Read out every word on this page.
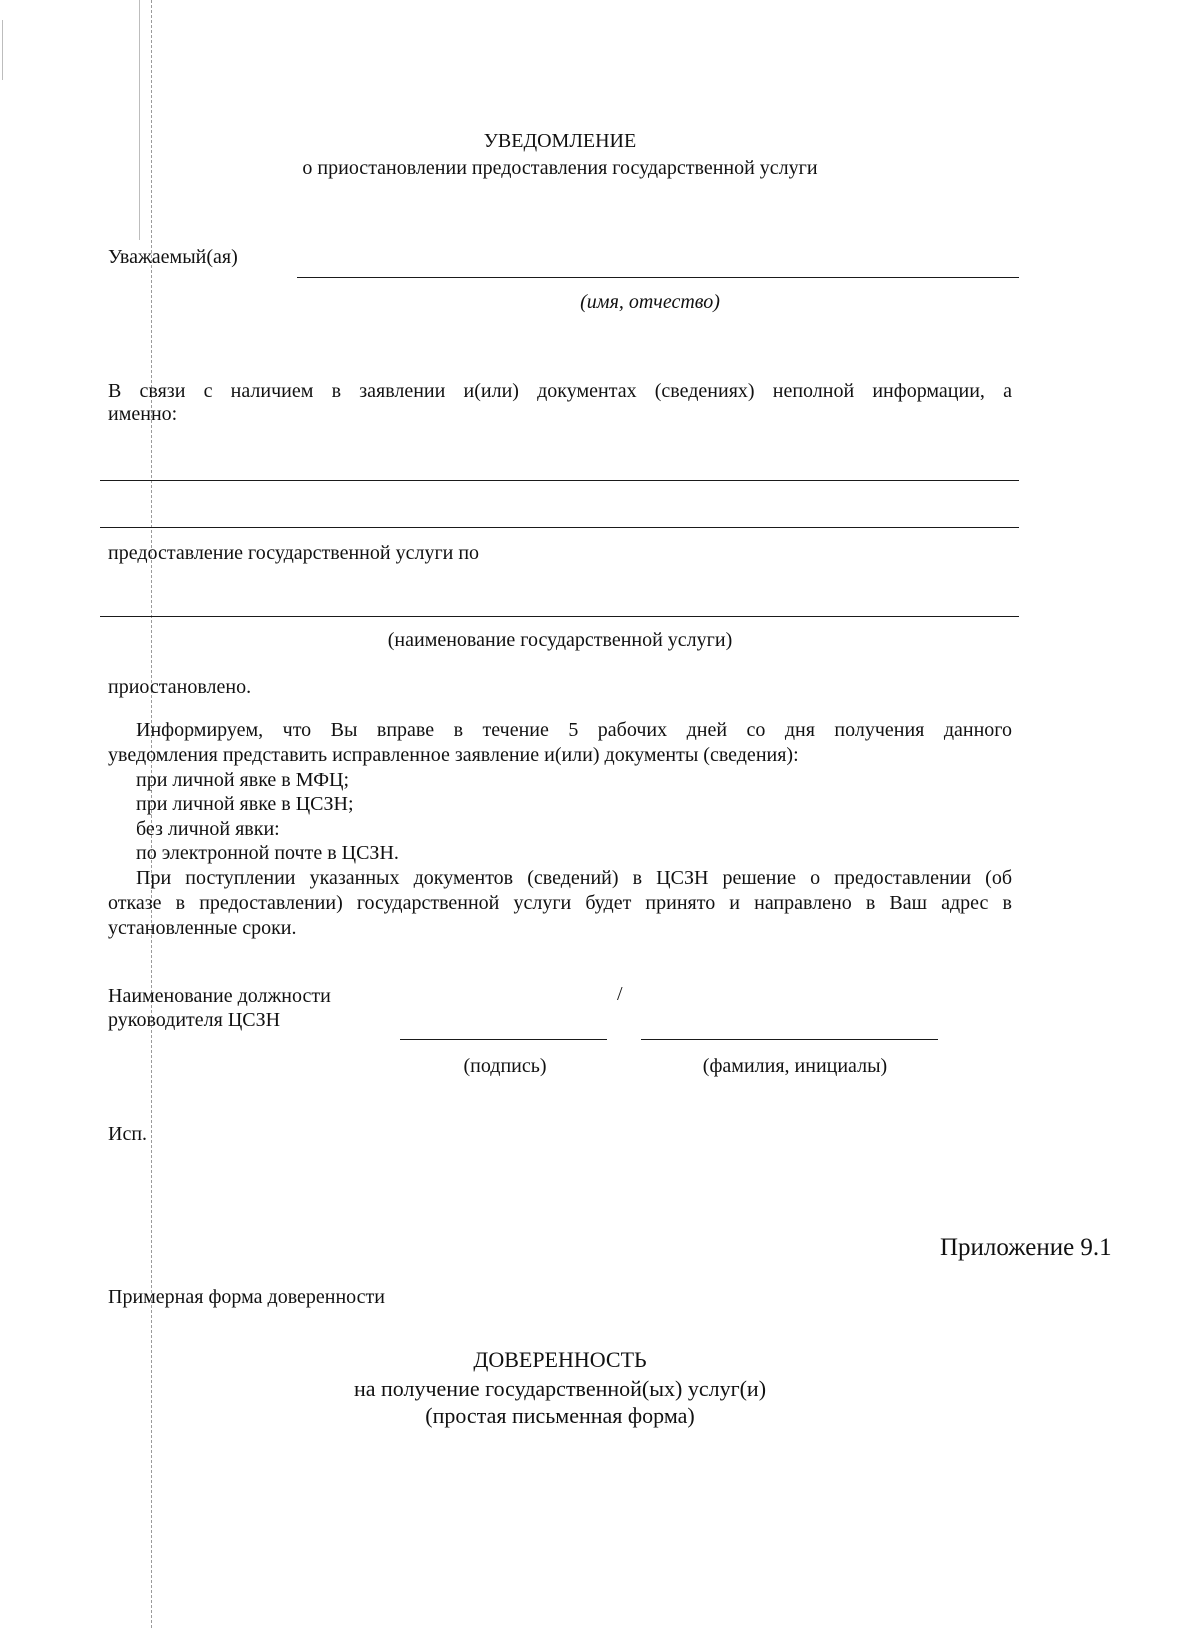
УВЕДОМЛЕНИЕ
о приостановлении предоставления государственной услуги
Уважаемый(ая)
(имя, отчество)
В связи с наличием в заявлении и(или) документах (сведениях) неполной информации, а
именно:
предоставление государственной услуги по
(наименование государственной услуги)
приостановлено.
Информируем, что Вы вправе в течение 5 рабочих дней со дня получения данного
уведомления представить исправленное заявление и(или) документы (сведения):
при личной явке в МФЦ;
при личной явке в ЦСЗН;
без личной явки:
по электронной почте в ЦСЗН.
При поступлении указанных документов (сведений) в ЦСЗН решение о предоставлении (об
отказе в предоставлении) государственной услуги будет принято и направлено в Ваш адрес в
установленные сроки.
Наименование должности
руководителя ЦСЗН
/
(подпись)	(фамилия, инициалы)
Исп.
Приложение 9.1
Примерная форма доверенности
ДОВЕРЕННОСТЬ
на получение государственной(ых) услуг(и)
(простая письменная форма)
